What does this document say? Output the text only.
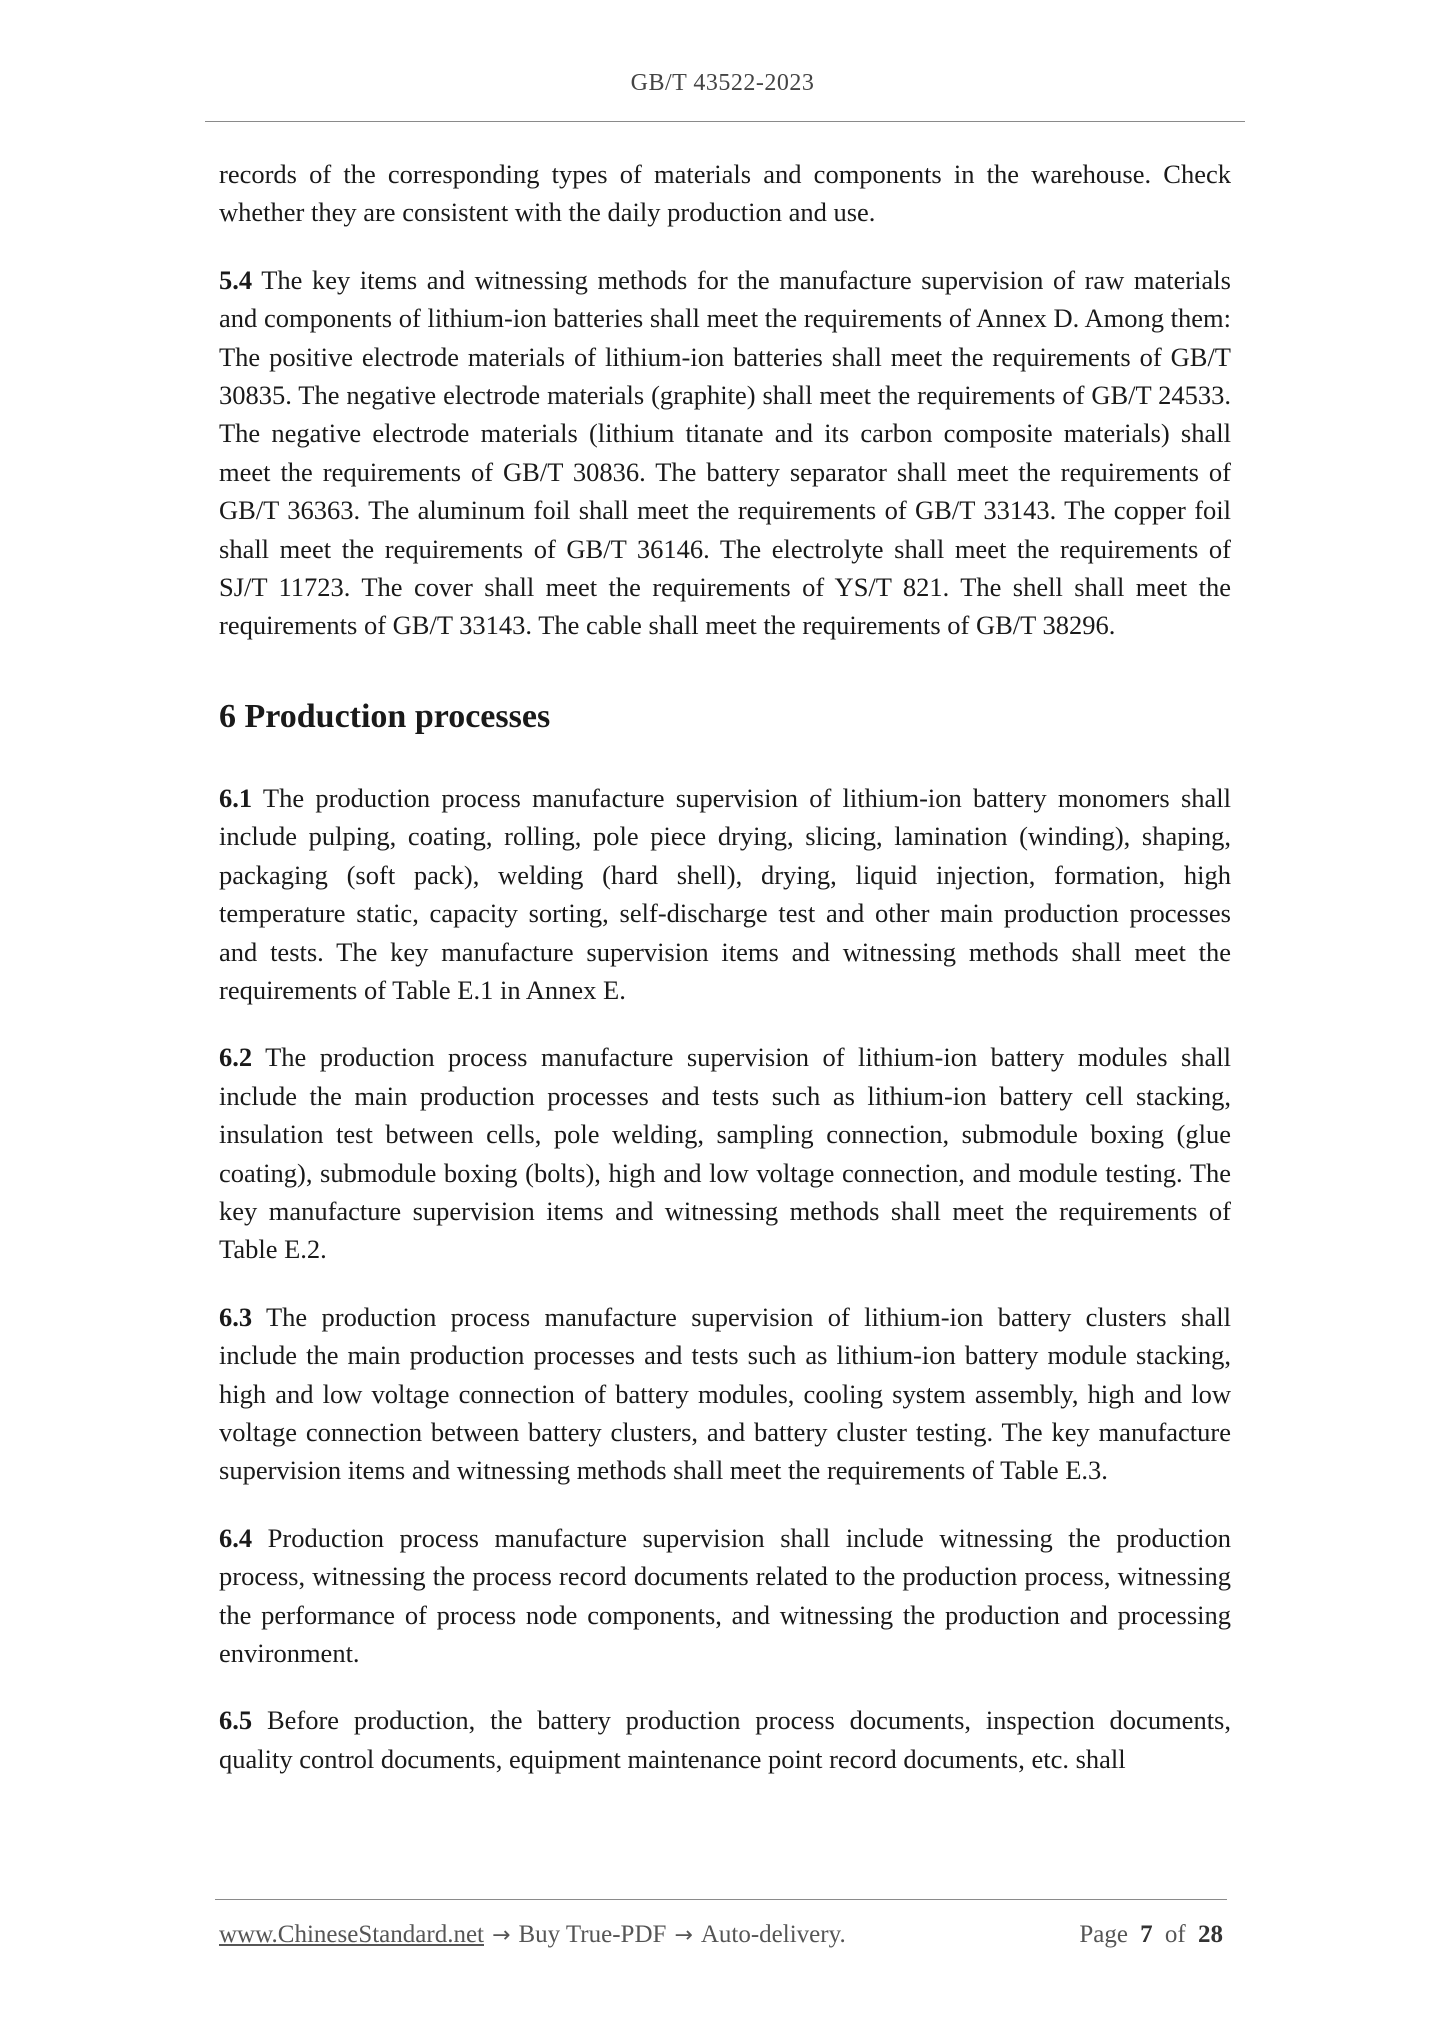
GB/T 43522-2023

records of the corresponding types of materials and components in the warehouse. Check whether they are consistent with the daily production and use.

5.4 The key items and witnessing methods for the manufacture supervision of raw materials and components of lithium-ion batteries shall meet the requirements of Annex D. Among them: The positive electrode materials of lithium-ion batteries shall meet the requirements of GB/T 30835. The negative electrode materials (graphite) shall meet the requirements of GB/T 24533. The negative electrode materials (lithium titanate and its carbon composite materials) shall meet the requirements of GB/T 30836. The battery separator shall meet the requirements of GB/T 36363. The aluminum foil shall meet the requirements of GB/T 33143. The copper foil shall meet the requirements of GB/T 36146. The electrolyte shall meet the requirements of SJ/T 11723. The cover shall meet the requirements of YS/T 821. The shell shall meet the requirements of GB/T 33143. The cable shall meet the requirements of GB/T 38296.

6 Production processes

6.1 The production process manufacture supervision of lithium-ion battery monomers shall include pulping, coating, rolling, pole piece drying, slicing, lamination (winding), shaping, packaging (soft pack), welding (hard shell), drying, liquid injection, formation, high temperature static, capacity sorting, self-discharge test and other main production processes and tests. The key manufacture supervision items and witnessing methods shall meet the requirements of Table E.1 in Annex E.

6.2 The production process manufacture supervision of lithium-ion battery modules shall include the main production processes and tests such as lithium-ion battery cell stacking, insulation test between cells, pole welding, sampling connection, submodule boxing (glue coating), submodule boxing (bolts), high and low voltage connection, and module testing. The key manufacture supervision items and witnessing methods shall meet the requirements of Table E.2.

6.3 The production process manufacture supervision of lithium-ion battery clusters shall include the main production processes and tests such as lithium-ion battery module stacking, high and low voltage connection of battery modules, cooling system assembly, high and low voltage connection between battery clusters, and battery cluster testing. The key manufacture supervision items and witnessing methods shall meet the requirements of Table E.3.

6.4 Production process manufacture supervision shall include witnessing the production process, witnessing the process record documents related to the production process, witnessing the performance of process node components, and witnessing the production and processing environment.

6.5 Before production, the battery production process documents, inspection documents, quality control documents, equipment maintenance point record documents, etc. shall

www.ChineseStandard.net → Buy True-PDF → Auto-delivery.	Page 7 of 28
